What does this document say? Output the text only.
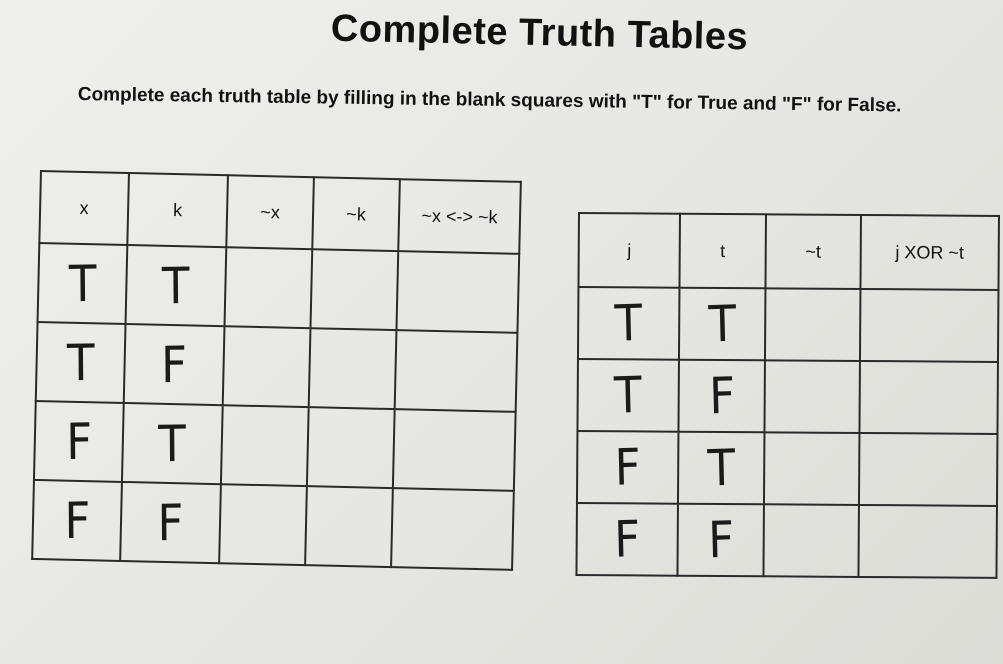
Complete Truth Tables
Complete each truth table by filling in the blank squares with "T" for True and "F" for False.
x	k	~x	~k	~x <-> ~k
T	T			
T	F			
F	T			
F	F			
j	t	~t	j XOR ~t
T	T		
T	F		
F	T		
F	F		
